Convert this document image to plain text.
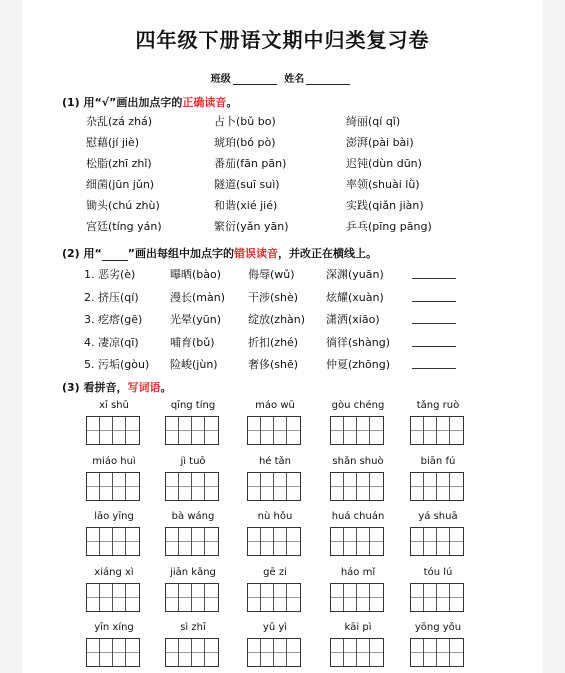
四年级下册语文期中归类复习卷
班级	姓名
(1) 用“√”画出加点字的正确读音。
杂乱(zá zhá)	占卜(bǔ bo)	绮丽(qí qǐ)
慰藉(jí jiè)	琥珀(bó pò)	澎湃(pài bài)
松脂(zhī zhǐ)	番茄(fān pān)	迟钝(dùn dūn)
细菌(jūn jǔn)	隧道(suī suì)	率领(shuài lǜ)
锄头(chú zhù)	和谐(xié jié)	实践(qiǎn jiàn)
宫廷(tíng yán)	繁衍(yǎn yān)	乒乓(pīng pāng)
(2) 用“ ”画出每组中加点字的错误读音，并改正在横线上。
1. 恶劣(è)	曝晒(bào) 侮辱(wǔ)	深渊(yuān)
2. 挤压(qí)	漫长(màn) 干涉(shè)	炫耀(xuàn)
3. 疙瘩(gē)	光晕(yūn) 绽放(zhàn) 潇洒(xiāo)
4. 凄凉(qī)	哺育(bǔ)	折扣(zhé)	徜徉(shàng)
5. 污垢(gòu) 险峻(jùn)	奢侈(shē)	仲夏(zhōng)
(3) 看拼音，写词语。
xī shū	qīng tíng	máo wū	gòu chéng	tǎng ruò
miáo huì	jì tuō	hé tǎn	shǎn shuò	biān fú
lāo yīng	bà wáng	nù hǒu	huá chuán	yá shuā
xiáng xì	jiān kǎng	gē zi	háo mǐ	tóu lú
yīn xíng	sì zhī	yǔ yì	kāi pì	yōng yǒu
